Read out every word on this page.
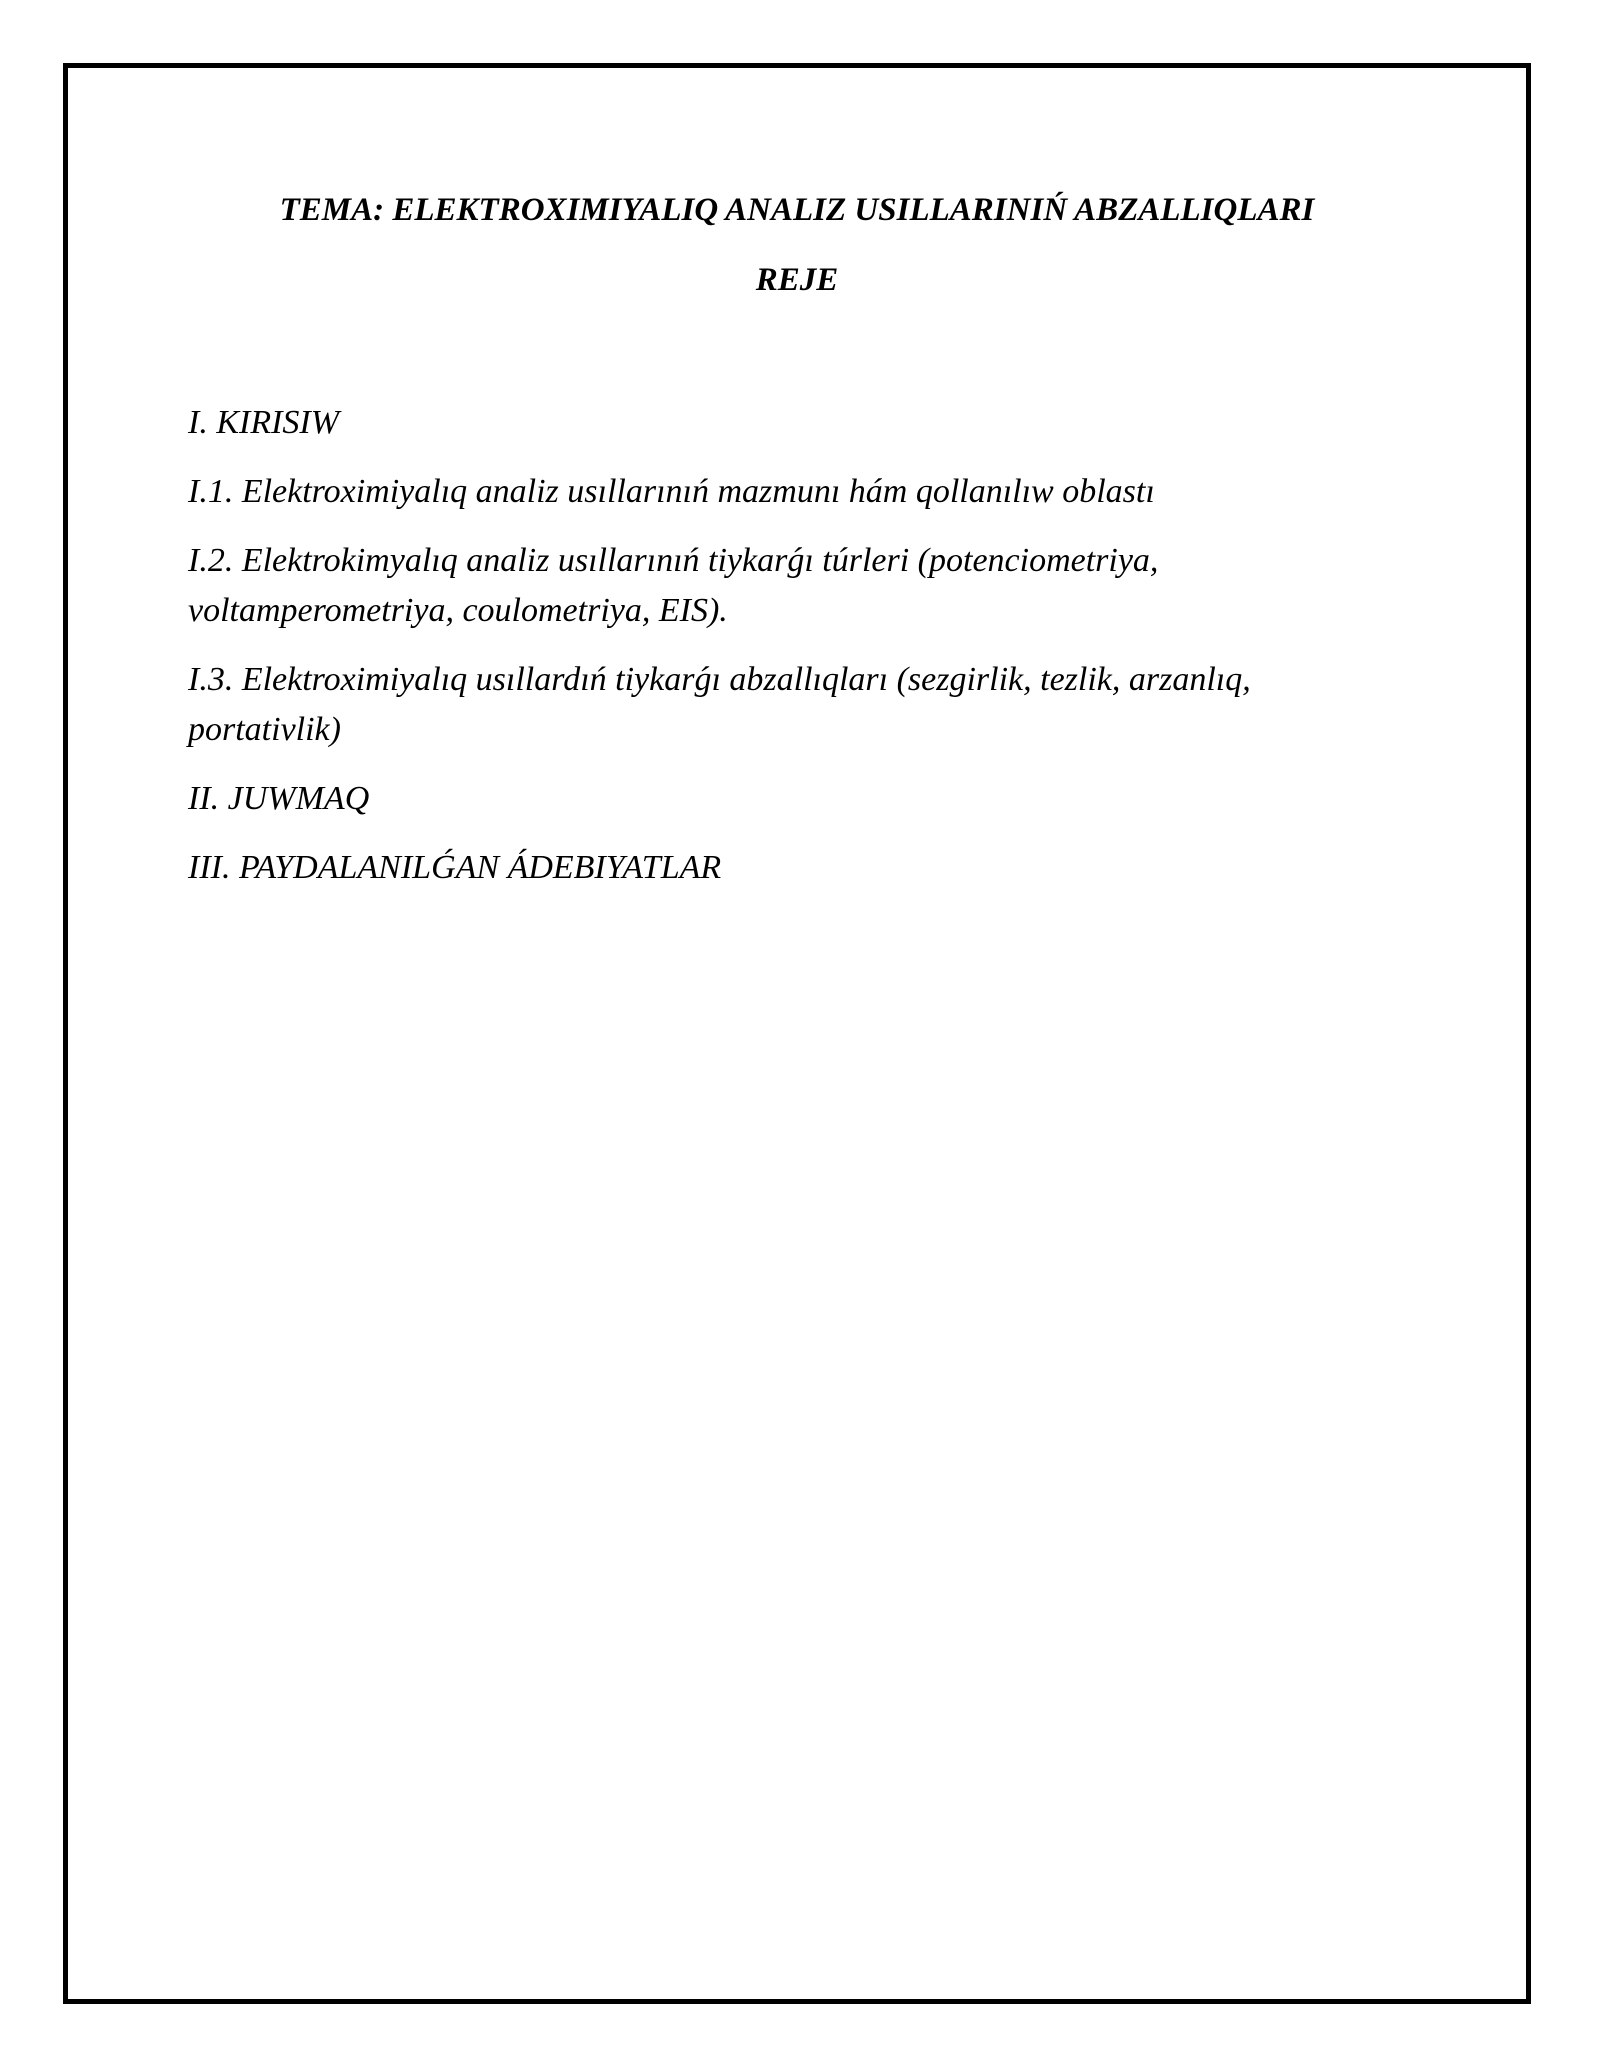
TEMA: ELEKTROXIMIYALIQ ANALIZ USILLARINIŃ ABZALLIQLARI
REJE
I. KIRISIW
I.1. Elektroximiyalıq analiz usıllarınıń mazmunı hám qollanılıw oblastı
I.2. Elektrokimyalıq analiz usıllarınıń tiykarǵı túrleri (potenciometriya, voltamperometriya, coulometriya, EIS).
I.3. Elektroximiyalıq usıllardıń tiykarǵı abzallıqları (sezgirlik, tezlik, arzanlıq, portativlik)
II. JUWMAQ
III. PAYDALANILǴAN ÁDEBIYATLAR
